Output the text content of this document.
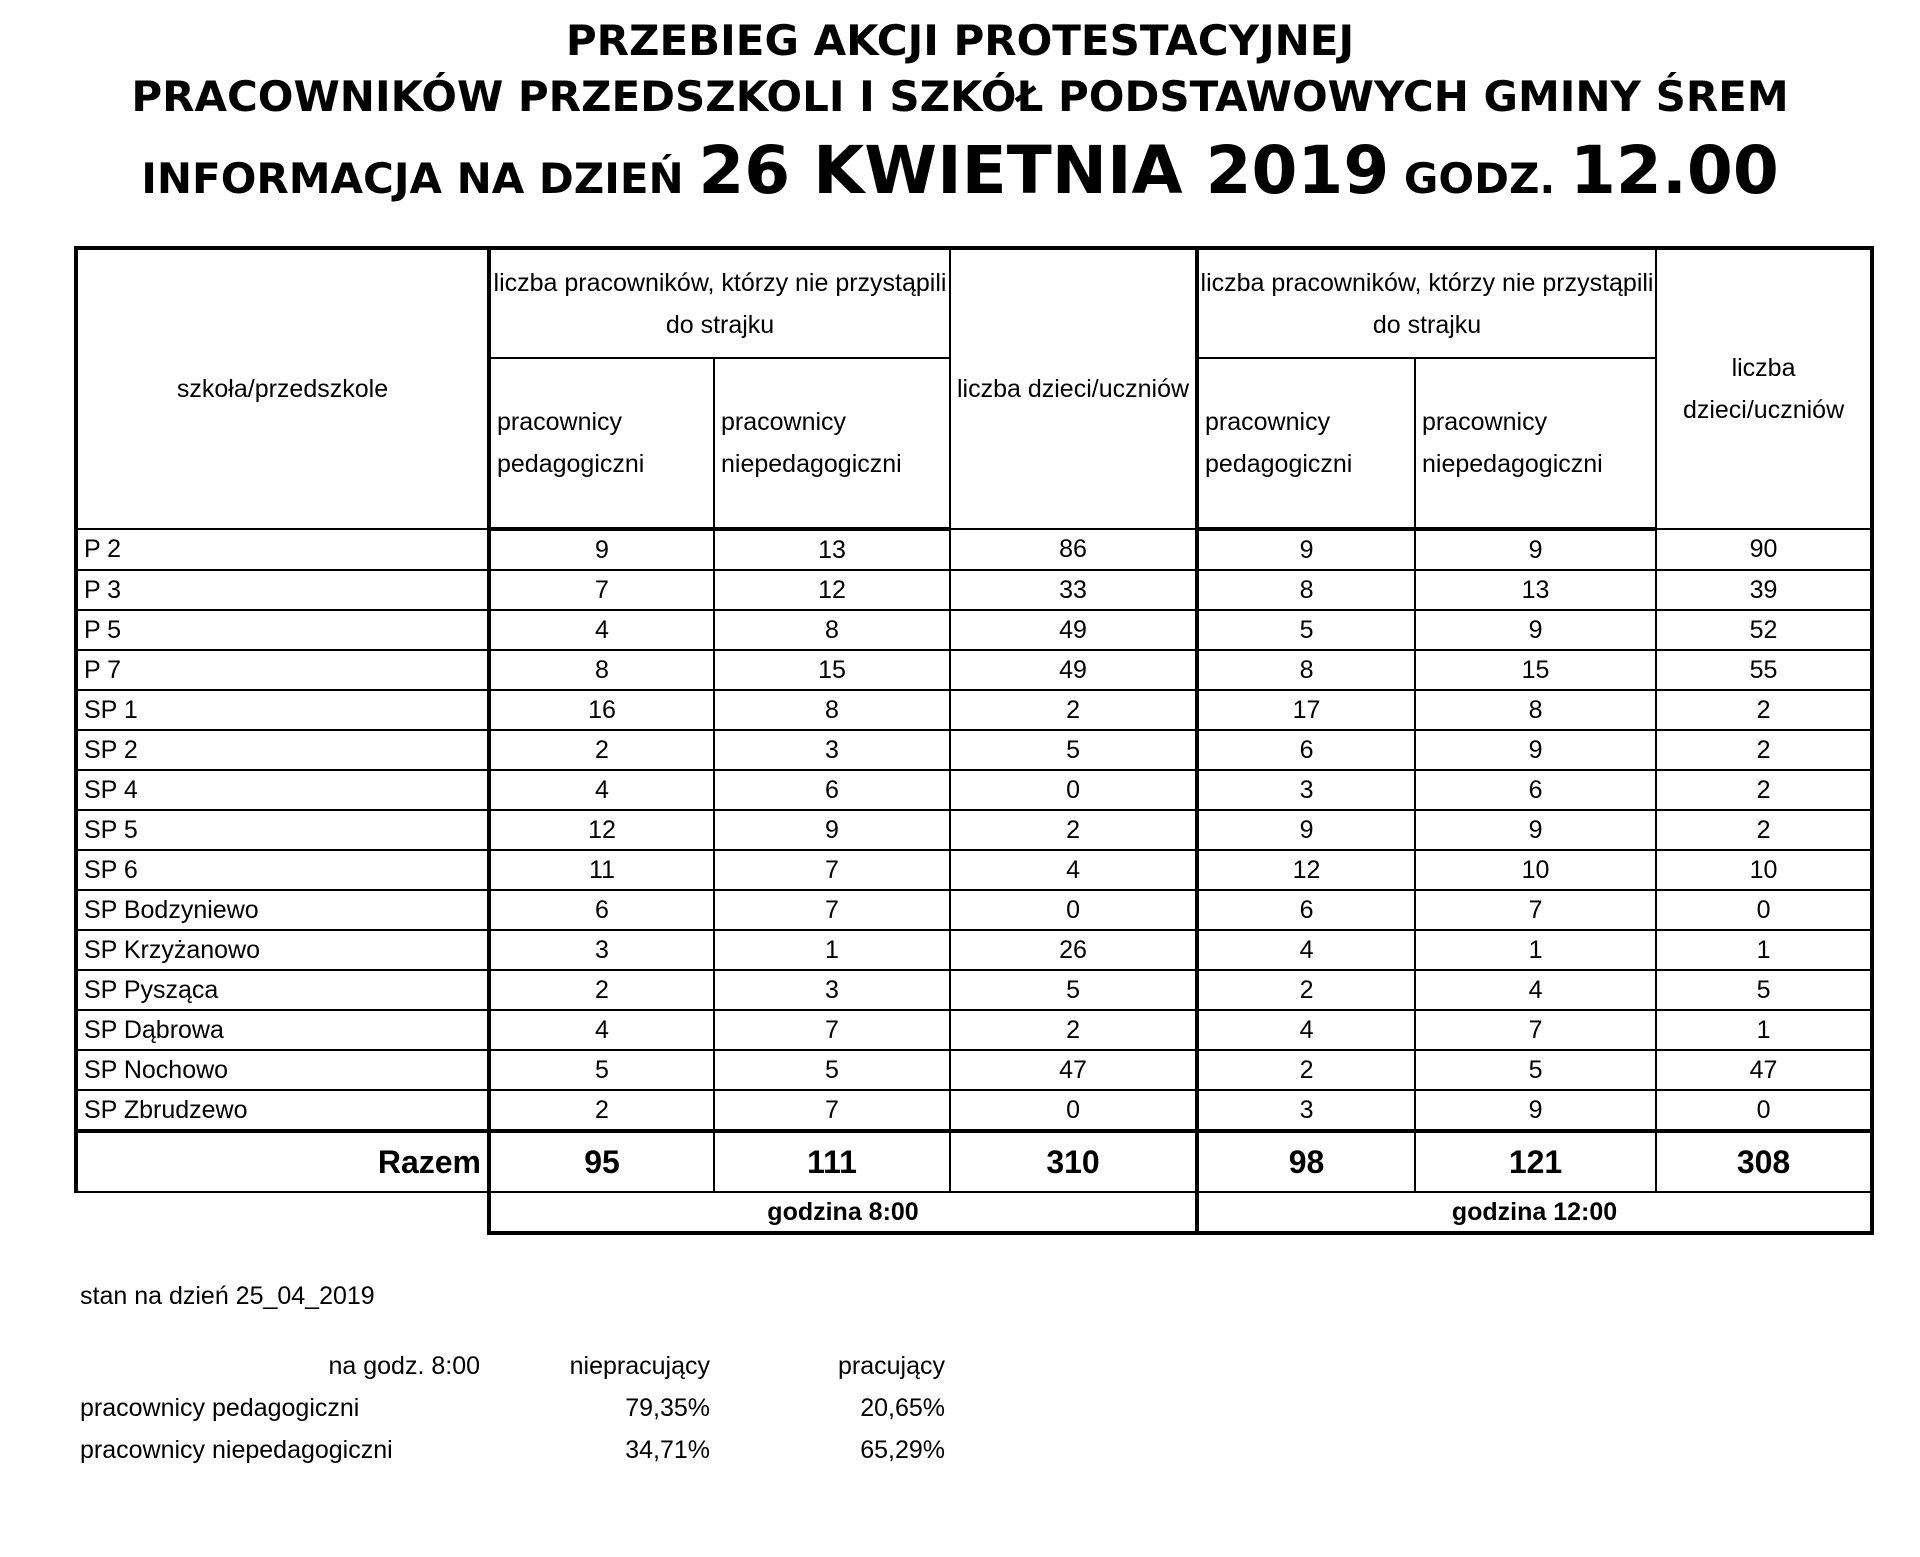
PRZEBIEG AKCJI PROTESTACYJNEJ
PRACOWNIKÓW PRZEDSZKOLI I SZKÓŁ PODSTAWOWYCH GMINY ŚREM
INFORMACJA NA DZIEŃ 26 KWIETNIA 2019 GODZ. 12.00
szkoła/przedszkole	liczba pracowników, którzy nie przystąpili do strajku		liczba dzieci/uczniów	liczba pracowników, którzy nie przystąpili do strajku		liczba dzieci/uczniów
	pracownicy pedagogiczni	pracownicy niepedagogiczni		pracownicy pedagogiczni	pracownicy niepedagogiczni	
P 2	9	13	86	9	9	90
P 3	7	12	33	8	13	39
P 5	4	8	49	5	9	52
P 7	8	15	49	8	15	55
SP 1	16	8	2	17	8	2
SP 2	2	3	5	6	9	2
SP 4	4	6	0	3	6	2
SP 5	12	9	2	9	9	2
SP 6	11	7	4	12	10	10
SP Bodzyniewo	6	7	0	6	7	0
SP Krzyżanowo	3	1	26	4	1	1
SP Pysząca	2	3	5	2	4	5
SP Dąbrowa	4	7	2	4	7	1
SP Nochowo	5	5	47	2	5	47
SP Zbrudzewo	2	7	0	3	9	0
Razem	95	111	310	98	121	308
	godzina 8:00			godzina 12:00		
stan na dzień 25_04_2019
na godz. 8:00	niepracujący	pracujący
pracownicy pedagogiczni	79,35%	20,65%
pracownicy niepedagogiczni	34,71%	65,29%
